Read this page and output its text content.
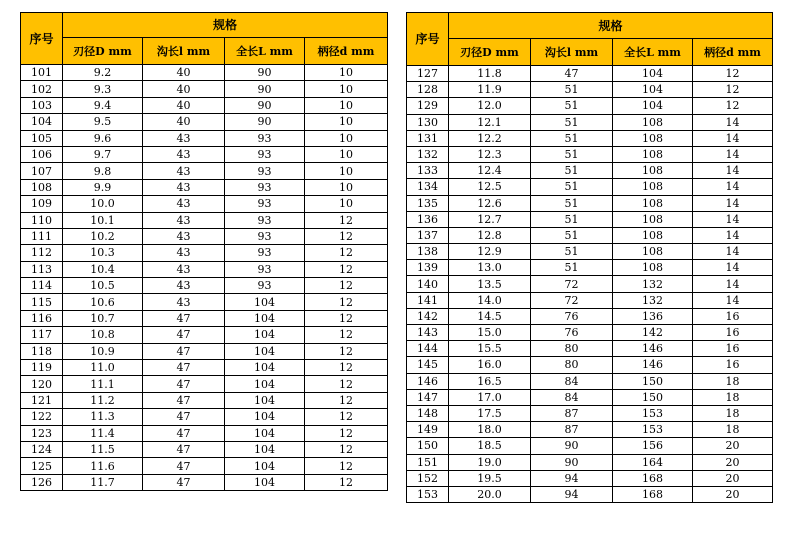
序号	规格			
	刃径D mm	沟长l mm	全长L mm	柄径d mm
101	9.2	40	90	10
102	9.3	40	90	10
103	9.4	40	90	10
104	9.5	40	90	10
105	9.6	43	93	10
106	9.7	43	93	10
107	9.8	43	93	10
108	9.9	43	93	10
109	10.0	43	93	10
110	10.1	43	93	12
111	10.2	43	93	12
112	10.3	43	93	12
113	10.4	43	93	12
114	10.5	43	93	12
115	10.6	43	104	12
116	10.7	47	104	12
117	10.8	47	104	12
118	10.9	47	104	12
119	11.0	47	104	12
120	11.1	47	104	12
121	11.2	47	104	12
122	11.3	47	104	12
123	11.4	47	104	12
124	11.5	47	104	12
125	11.6	47	104	12
126	11.7	47	104	12
序号	规格			
	刃径D mm	沟长l mm	全长L mm	柄径d mm
127	11.8	47	104	12
128	11.9	51	104	12
129	12.0	51	104	12
130	12.1	51	108	14
131	12.2	51	108	14
132	12.3	51	108	14
133	12.4	51	108	14
134	12.5	51	108	14
135	12.6	51	108	14
136	12.7	51	108	14
137	12.8	51	108	14
138	12.9	51	108	14
139	13.0	51	108	14
140	13.5	72	132	14
141	14.0	72	132	14
142	14.5	76	136	16
143	15.0	76	142	16
144	15.5	80	146	16
145	16.0	80	146	16
146	16.5	84	150	18
147	17.0	84	150	18
148	17.5	87	153	18
149	18.0	87	153	18
150	18.5	90	156	20
151	19.0	90	164	20
152	19.5	94	168	20
153	20.0	94	168	20
